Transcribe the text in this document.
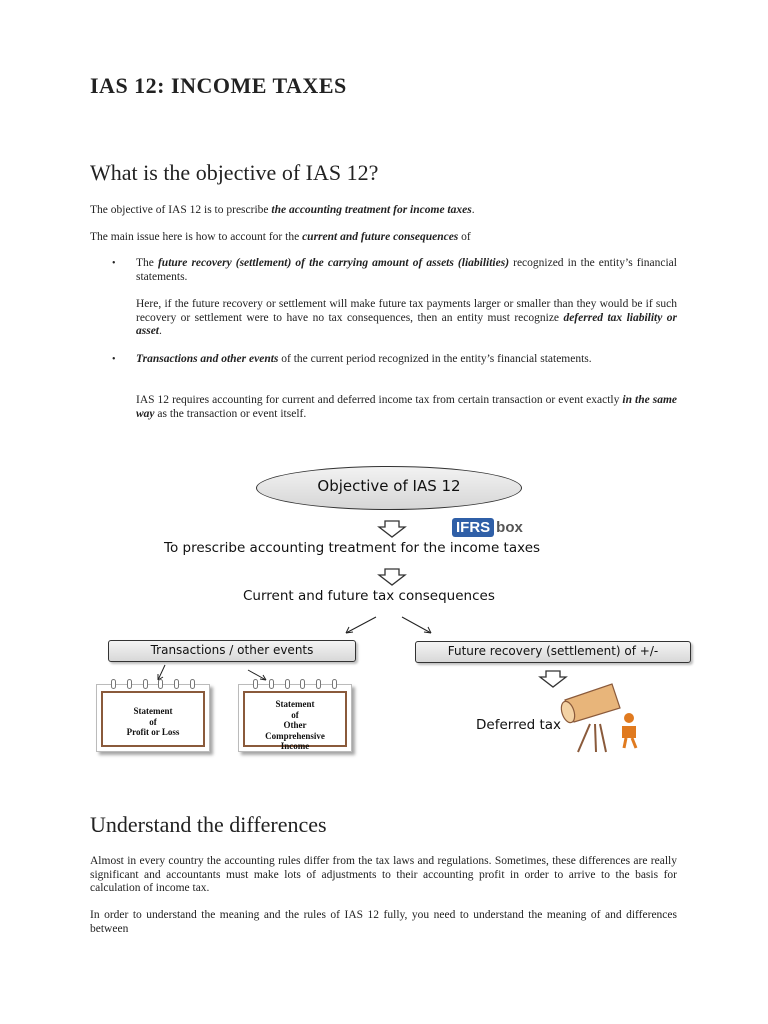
IAS 12: INCOME TAXES
What is the objective of IAS 12?
The objective of IAS 12 is to prescribe the accounting treatment for income taxes.
The main issue here is how to account for the current and future consequences of
• The future recovery (settlement) of the carrying amount of assets (liabilities) recognized in the entity’s financial statements.
Here, if the future recovery or settlement will make future tax payments larger or smaller than they would be if such recovery or settlement were to have no tax consequences, then an entity must recognize deferred tax liability or asset.
• Transactions and other events of the current period recognized in the entity’s financial statements.
IAS 12 requires accounting for current and deferred income tax from certain transaction or event exactly in the same way as the transaction or event itself.
Objective of IAS 12
IFRS box
To prescribe accounting treatment for the income taxes
Current and future tax consequences
Transactions / other events	Future recovery (settlement) of +/-
Statement
of
Profit or Loss
Statement
of
Other
Comprehensive
Income
Deferred tax
Understand the differences
Almost in every country the accounting rules differ from the tax laws and regulations. Sometimes, these differences are really significant and accountants must make lots of adjustments to their accounting profit in order to arrive to the basis for calculation of income tax.
In order to understand the meaning and the rules of IAS 12 fully, you need to understand the meaning of and differences between
